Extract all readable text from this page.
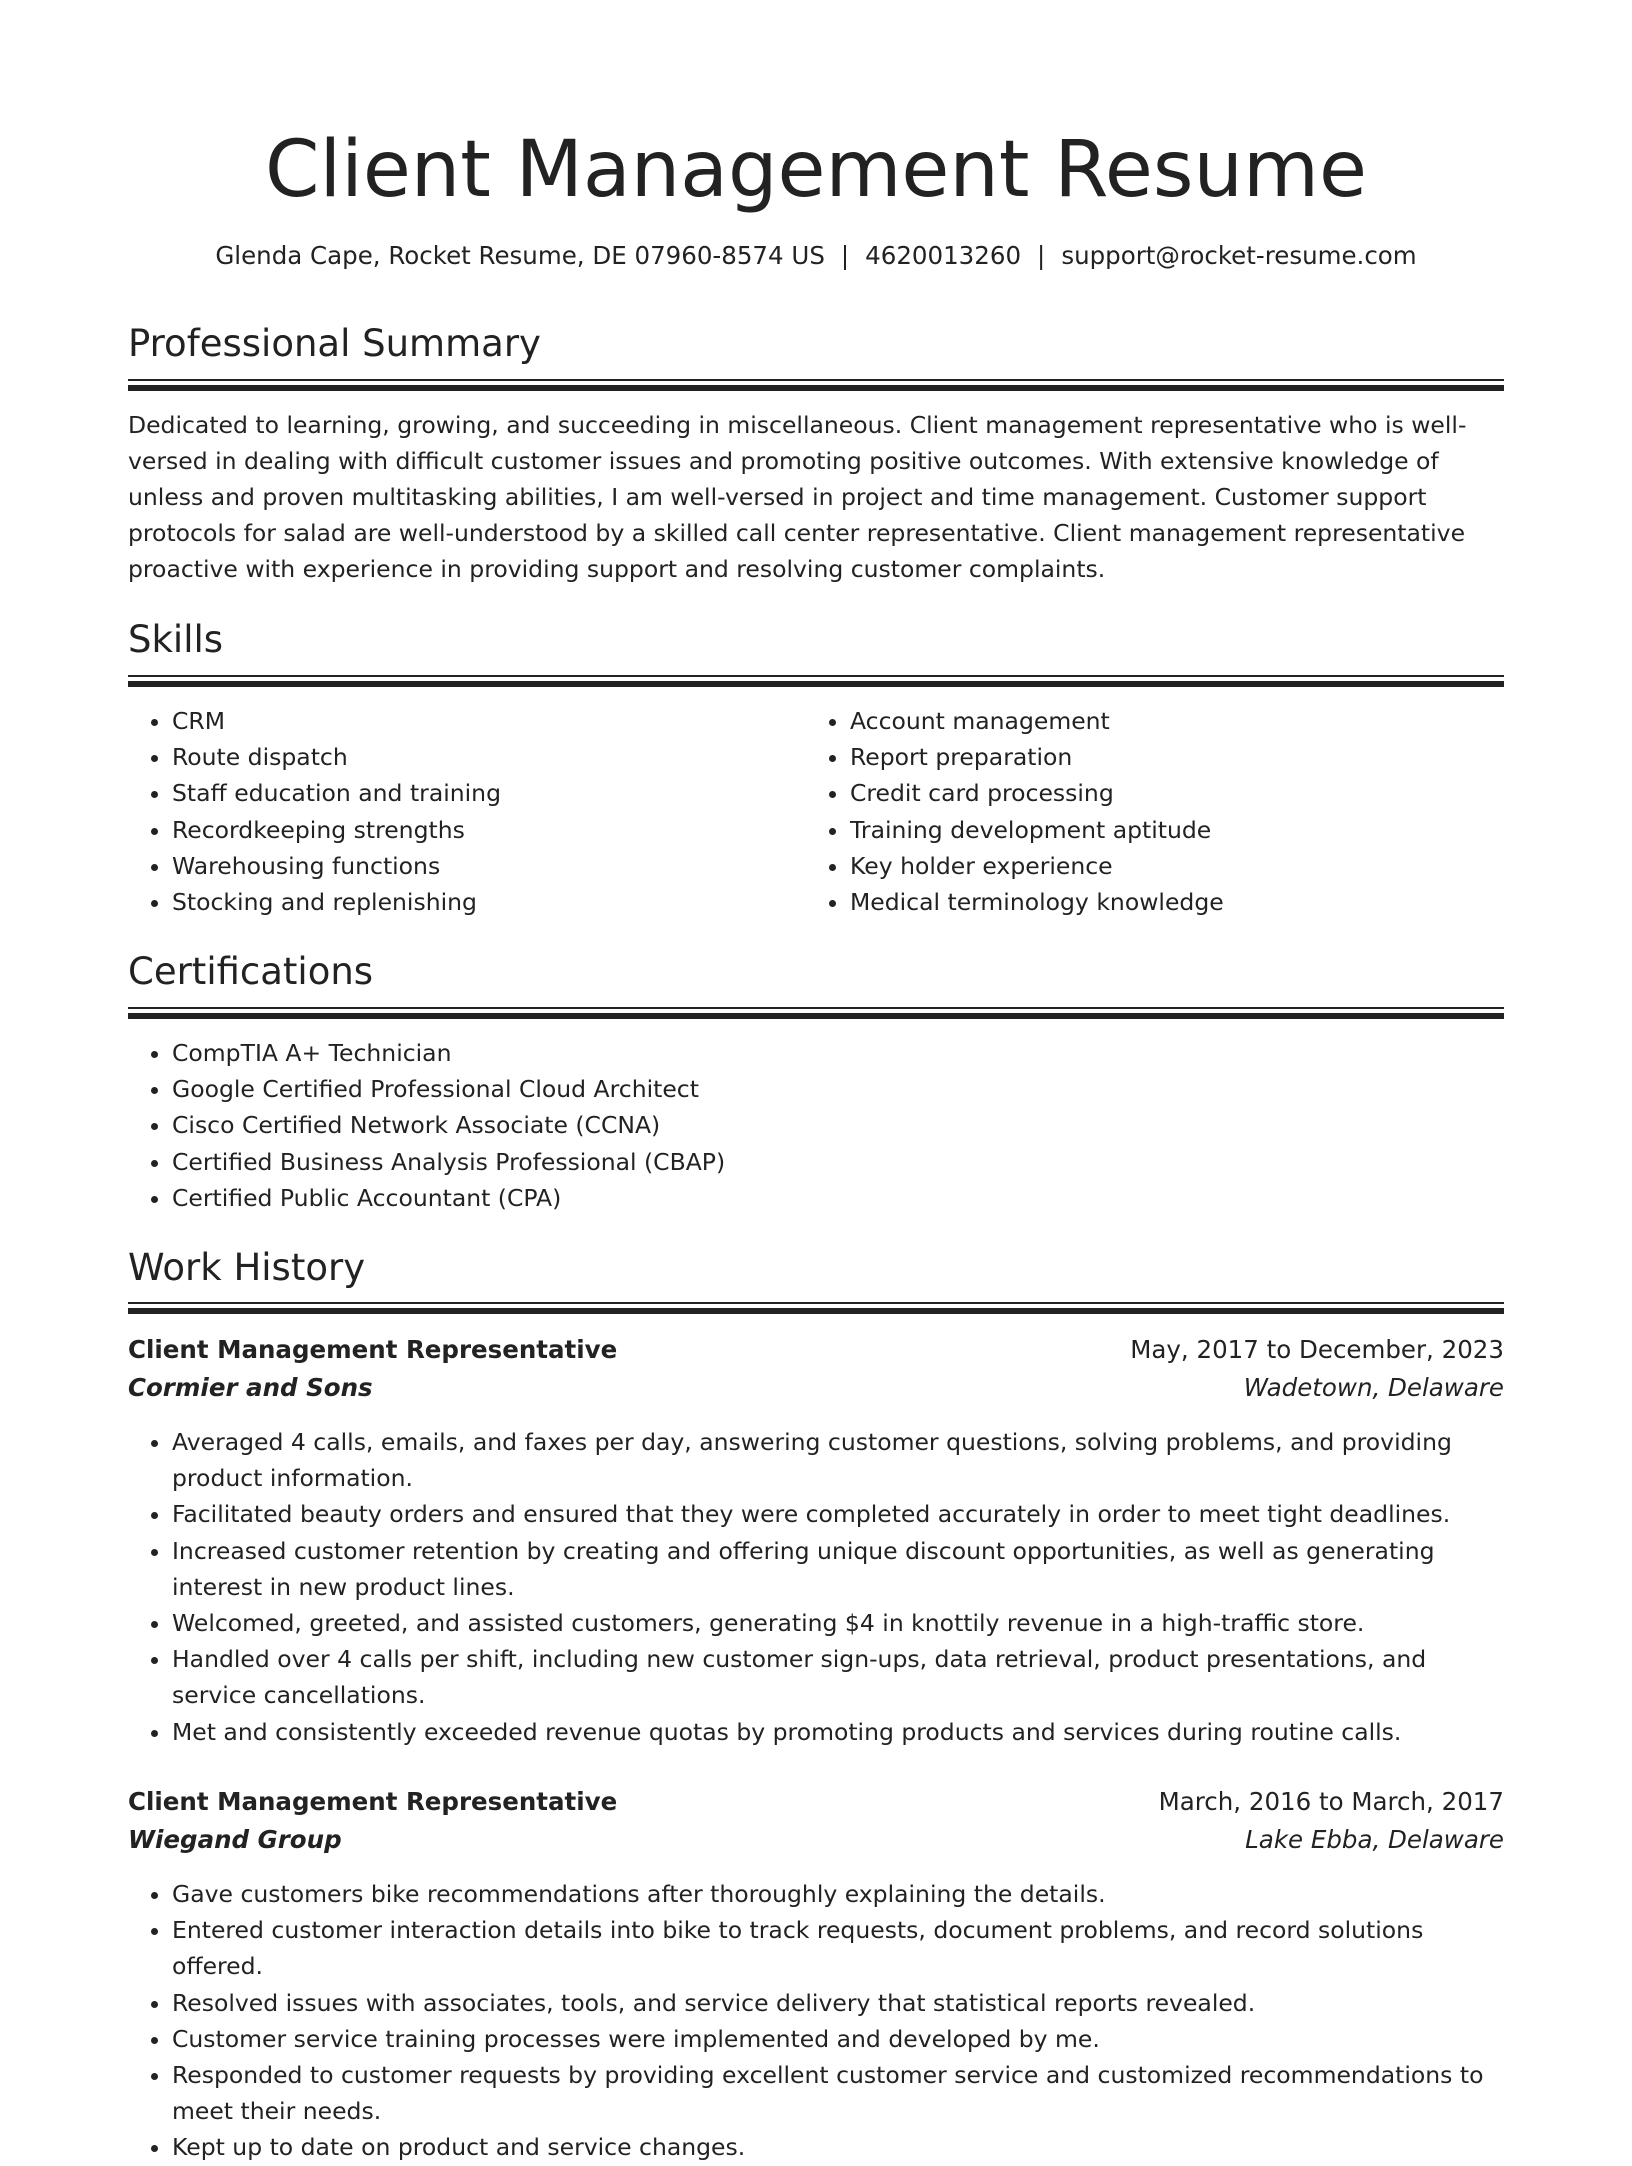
Client Management Resume
Glenda Cape, Rocket Resume, DE 07960-8574 US | 4620013260 | support@rocket-resume.com
Professional Summary
Dedicated to learning, growing, and succeeding in miscellaneous. Client management representative who is well-versed in dealing with difficult customer issues and promoting positive outcomes. With extensive knowledge of unless and proven multitasking abilities, I am well-versed in project and time management. Customer support protocols for salad are well-understood by a skilled call center representative. Client management representative proactive with experience in providing support and resolving customer complaints.
Skills
• CRM
• Route dispatch
• Staff education and training
• Recordkeeping strengths
• Warehousing functions
• Stocking and replenishing
• Account management
• Report preparation
• Credit card processing
• Training development aptitude
• Key holder experience
• Medical terminology knowledge
Certifications
• CompTIA A+ Technician
• Google Certified Professional Cloud Architect
• Cisco Certified Network Associate (CCNA)
• Certified Business Analysis Professional (CBAP)
• Certified Public Accountant (CPA)
Work History
Client Management Representative	May, 2017 to December, 2023
Cormier and Sons	Wadetown, Delaware
• Averaged 4 calls, emails, and faxes per day, answering customer questions, solving problems, and providing product information.
• Facilitated beauty orders and ensured that they were completed accurately in order to meet tight deadlines.
• Increased customer retention by creating and offering unique discount opportunities, as well as generating interest in new product lines.
• Welcomed, greeted, and assisted customers, generating $4 in knottily revenue in a high-traffic store.
• Handled over 4 calls per shift, including new customer sign-ups, data retrieval, product presentations, and service cancellations.
• Met and consistently exceeded revenue quotas by promoting products and services during routine calls.
Client Management Representative	March, 2016 to March, 2017
Wiegand Group	Lake Ebba, Delaware
• Gave customers bike recommendations after thoroughly explaining the details.
• Entered customer interaction details into bike to track requests, document problems, and record solutions offered.
• Resolved issues with associates, tools, and service delivery that statistical reports revealed.
• Customer service training processes were implemented and developed by me.
• Responded to customer requests by providing excellent customer service and customized recommendations to meet their needs.
• Kept up to date on product and service changes.
